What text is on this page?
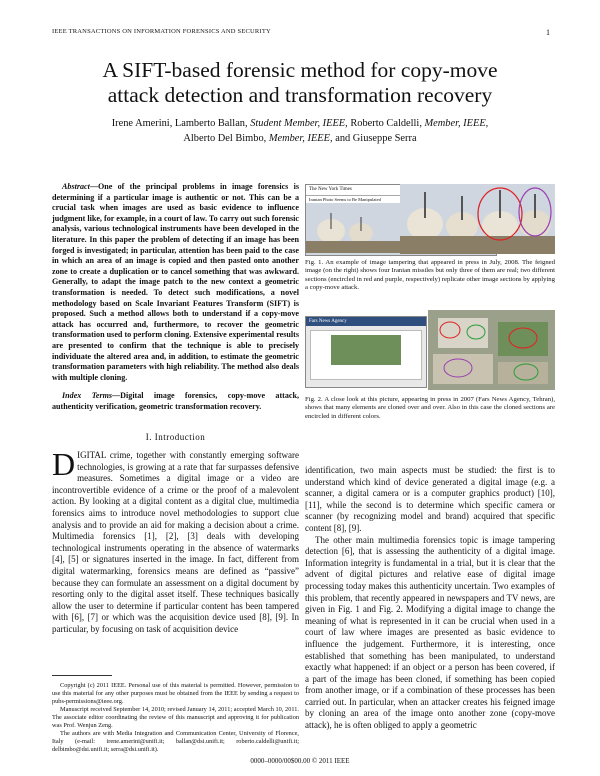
IEEE TRANSACTIONS ON INFORMATION FORENSICS AND SECURITY	1
A SIFT-based forensic method for copy-move
attack detection and transformation recovery
Irene Amerini, Lamberto Ballan, Student Member, IEEE, Roberto Caldelli, Member, IEEE,
Alberto Del Bimbo, Member, IEEE, and Giuseppe Serra
Abstract—One of the principal problems in image forensics is determining if a particular image is authentic or not. This can be a crucial task when images are used as basic evidence to influence judgment like, for example, in a court of law. To carry out such forensic analysis, various technological instruments have been developed in the literature. In this paper the problem of detecting if an image has been forged is investigated; in particular, attention has been paid to the case in which an area of an image is copied and then pasted onto another zone to create a duplication or to cancel something that was awkward. Generally, to adapt the image patch to the new context a geometric transformation is needed. To detect such modifications, a novel methodology based on Scale Invariant Features Transform (SIFT) is proposed. Such a method allows both to understand if a copy-move attack has occurred and, furthermore, to recover the geometric transformation used to perform cloning. Extensive experimental results are presented to confirm that the technique is able to precisely individuate the altered area and, in addition, to estimate the geometric transformation parameters with high reliability. The method also deals with multiple cloning.
Index Terms—Digital image forensics, copy-move attack, authenticity verification, geometric transformation recovery.
The New York Times
Iranian Photo Seems to Be Manipulated
Fig. 1. An example of image tampering that appeared in press in July, 2008. The feigned image (on the right) shows four Iranian missiles but only three of them are real; two different sections (encircled in red and purple, respectively) replicate other image sections by applying a copy-move attack.
Fars News Agency
Fig. 2. A close look at this picture, appearing in press in 2007 (Fars News Agency, Tehran), shows that many elements are cloned over and over. Also in this case the cloned sections are encircled in different colors.
I. Introduction
DIGITAL crime, together with constantly emerging software technologies, is growing at a rate that far surpasses defensive measures. Sometimes a digital image or a video are incontrovertible evidence of a crime or the proof of a malevolent action. By looking at a digital content as a digital clue, multimedia forensics aims to introduce novel methodologies to support clue analysis and to provide an aid for making a decision about a crime. Multimedia forensics [1], [2], [3] deals with developing technological instruments operating in the absence of watermarks [4], [5] or signatures inserted in the image. In fact, different from digital watermarking, forensics means are defined as “passive” because they can formulate an assessment on a digital document by resorting only to the digital asset itself. These techniques basically allow the user to determine if particular content has been tampered with [6], [7] or which was the acquisition device used [8], [9]. In particular, by focusing on task of acquisition device

identification, two main aspects must be studied: the first is to understand which kind of device generated a digital image (e.g. a scanner, a digital camera or is a computer graphics product) [10], [11], while the second is to determine which specific camera or scanner (by recognizing model and brand) acquired that specific content [8], [9].

The other main multimedia forensics topic is image tampering detection [6], that is assessing the authenticity of a digital image. Information integrity is fundamental in a trial, but it is clear that the advent of digital pictures and relative ease of digital image processing today makes this authenticity uncertain. Two examples of this problem, that recently appeared in newspapers and TV news, are given in Fig. 1 and Fig. 2. Modifying a digital image to change the meaning of what is represented in it can be crucial when used in a court of law where images are presented as basic evidence to influence the judgement. Furthermore, it is interesting, once established that something has been manipulated, to understand exactly what happened: if an object or a person has been covered, if a part of the image has been cloned, if something has been copied from another image, or if a combination of these processes has been carried out. In particular, when an attacker creates his feigned image by cloning an area of the image onto another zone (copy-move attack), he is often obliged to apply a geometric

Copyright (c) 2011 IEEE. Personal use of this material is permitted. However, permission to use this material for any other purposes must be obtained from the IEEE by sending a request to pubs-permissions@ieee.org.

Manuscript received September 14, 2010; revised January 14, 2011; accepted March 10, 2011. The associate editor coordinating the review of this manuscript and approving it for publication was Prof. Wenjun Zeng.

The authors are with Media Integration and Communication Center, University of Florence, Italy (e-mail: irene.amerini@unifi.it; ballan@dsi.unifi.it; roberto.caldelli@unifi.it; delbimbo@dsi.unifi.it; serra@dsi.unifi.it).

0000–0000/00$00.00 © 2011 IEEE
